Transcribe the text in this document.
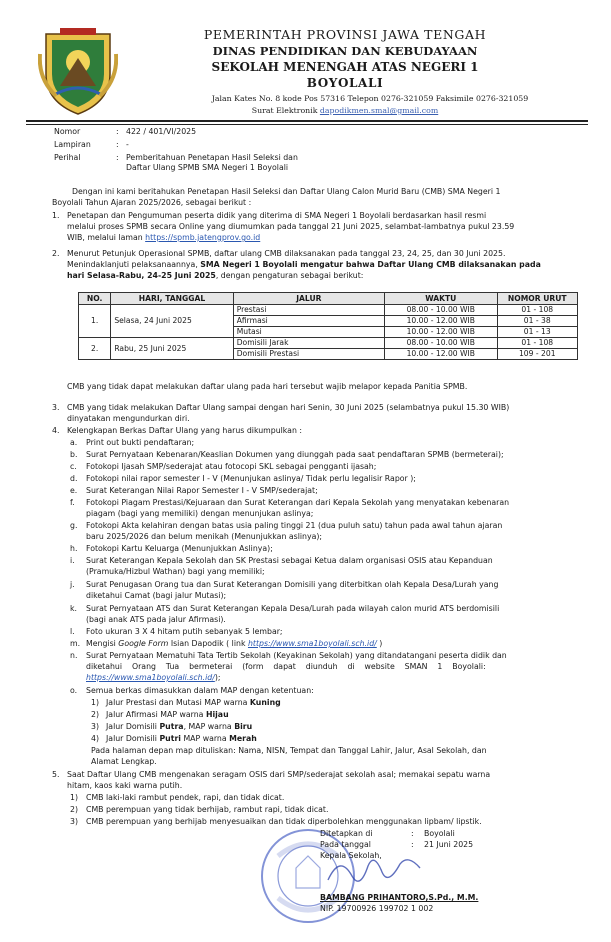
PEMERINTAH PROVINSI JAWA TENGAH
DINAS PENDIDIKAN DAN KEBUDAYAAN
SEKOLAH MENENGAH ATAS NEGERI 1
BOYOLALI
Jalan Kates No. 8 kode Pos 57316 Telepon 0276-321059 Faksimile 0276-321059
Surat Elektronik dapodikmen.smal@gmail.com
Nomor	: 422 / 401/VI/2025
Lampiran	: -
Perihal	: Pemberitahuan Penetapan Hasil Seleksi dan
Daftar Ulang SPMB SMA Negeri 1 Boyolali
Dengan ini kami beritahukan Penetapan Hasil Seleksi dan Daftar Ulang Calon Murid Baru (CMB) SMA Negeri 1
Boyolali Tahun Ajaran 2025/2026, sebagai berikut :
1. Penetapan dan Pengumuman peserta didik yang diterima di SMA Negeri 1 Boyolali berdasarkan hasil resmi
melalui proses SPMB secara Online yang diumumkan pada tanggal 21 Juni 2025, selambat-lambatnya pukul 23.59
WIB, melalui laman https://spmb.jatengprov.go.id
2. Menurut Petunjuk Operasional SPMB, daftar ulang CMB dilaksanakan pada tanggal 23, 24, 25, dan 30 Juni 2025.
Menindaklanjuti pelaksanaannya, SMA Negeri 1 Boyolali mengatur bahwa Daftar Ulang CMB dilaksanakan pada
hari Selasa-Rabu, 24-25 Juni 2025, dengan pengaturan sebagai berikut:
NO.	HARI, TANGGAL	JALUR	WAKTU	NOMOR URUT
1.	Selasa, 24 Juni 2025	Prestasi	08.00 - 10.00 WIB	01 - 108
		Afirmasi	10.00 - 12.00 WIB	01 - 38
		Mutasi	10.00 - 12.00 WIB	01 - 13
2.	Rabu, 25 Juni 2025	Domisili Jarak	08.00 - 10.00 WIB	01 - 108
		Domisili Prestasi	10.00 - 12.00 WIB	109 - 201
CMB yang tidak dapat melakukan daftar ulang pada hari tersebut wajib melapor kepada Panitia SPMB.
3. CMB yang tidak melakukan Daftar Ulang sampai dengan hari Senin, 30 Juni 2025 (selambatnya pukul 15.30 WIB)
dinyatakan mengundurkan diri.
4. Kelengkapan Berkas Daftar Ulang yang harus dikumpulkan :
a. Print out bukti pendaftaran;
b. Surat Pernyataan Kebenaran/Keaslian Dokumen yang diunggah pada saat pendaftaran SPMB (bermeterai);
c. Fotokopi Ijasah SMP/sederajat atau fotocopi SKL sebagai pengganti ijasah;
d. Fotokopi nilai rapor semester I - V (Menunjukan aslinya/ Tidak perlu legalisir Rapor );
e. Surat Keterangan Nilai Rapor Semester I - V SMP/sederajat;
f. Fotokopi Piagam Prestasi/Kejuaraan dan Surat Keterangan dari Kepala Sekolah yang menyatakan kebenaran
piagam (bagi yang memiliki) dengan menunjukan aslinya;
g. Fotokopi Akta kelahiran dengan batas usia paling tinggi 21 (dua puluh satu) tahun pada awal tahun ajaran
baru 2025/2026 dan belum menikah (Menunjukkan aslinya);
h. Fotokopi Kartu Keluarga (Menunjukkan Aslinya);
i. Surat Keterangan Kepala Sekolah dan SK Prestasi sebagai Ketua dalam organisasi OSIS atau Kepanduan
(Pramuka/Hizbul Wathan) bagi yang memiliki;
j. Surat Penugasan Orang tua dan Surat Keterangan Domisili yang diterbitkan olah Kepala Desa/Lurah yang
diketahui Camat (bagi jalur Mutasi);
k. Surat Pernyataan ATS dan Surat Keterangan Kepala Desa/Lurah pada wilayah calon murid ATS berdomisili
(bagi anak ATS pada jalur Afirmasi).
l. Foto ukuran 3 X 4 hitam putih sebanyak 5 lembar;
m. Mengisi Google Form Isian Dapodik ( link https://www.sma1boyolali.sch.id/ )
n. Surat Pernyataan Mematuhi Tata Tertib Sekolah (Keyakinan Sekolah) yang ditandatangani peserta didik dan
diketahui    Orang    Tua    bermeterai    (form    dapat    diunduh    di    website    SMAN    1    Boyolali:
https://www.sma1boyolali.sch.id/);
o. Semua berkas dimasukkan dalam MAP dengan ketentuan:
1) Jalur Prestasi dan Mutasi MAP warna Kuning
2) Jalur Afirmasi MAP warna Hijau
3) Jalur Domisili Putra, MAP warna Biru
4) Jalur Domisili Putri MAP warna Merah
Pada halaman depan map dituliskan: Nama, NISN, Tempat dan Tanggal Lahir, Jalur, Asal Sekolah, dan
Alamat Lengkap.
5. Saat Daftar Ulang CMB mengenakan seragam OSIS dari SMP/sederajat sekolah asal; memakai sepatu warna
hitam, kaos kaki warna putih.
1) CMB laki-laki rambut pendek, rapi, dan tidak dicat.
2) CMB perempuan yang tidak berhijab, rambut rapi, tidak dicat.
3) CMB perempuan yang berhijab menyesuaikan dan tidak diperbolehkan menggunakan lipbam/ lipstik.
Ditetapkan di	: Boyolali
Pada tanggal	: 21 Juni 2025
Kepala Sekolah,
BAMBANG PRIHANTORO,S.Pd., M.M.
NIP. 19700926 199702 1 002
